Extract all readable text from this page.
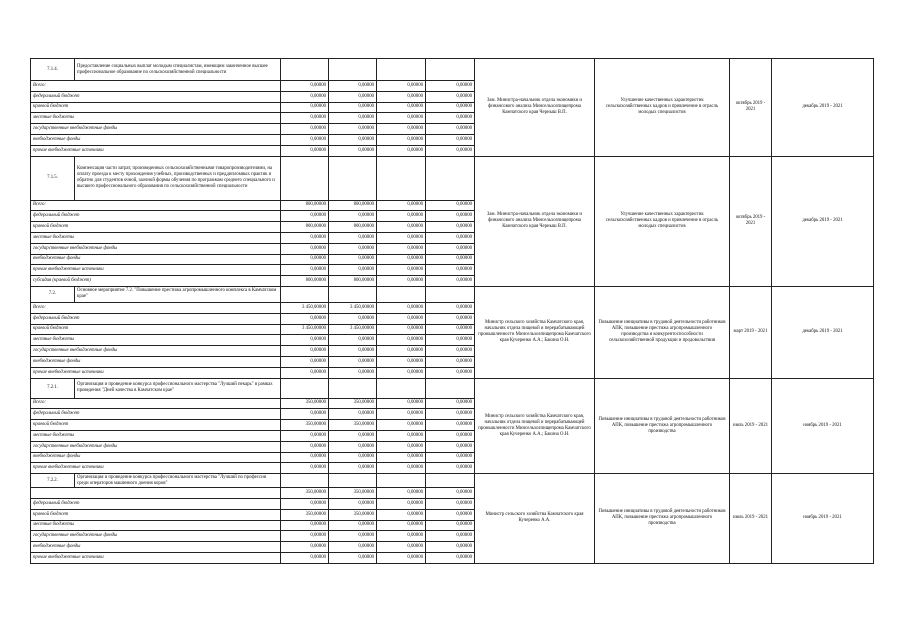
7.1.4.	Предоставление социальных выплат молодым специалистам, имеющим законченное высшее профессиональное образование по сельскохозяйственной специальности					Зам. Министра-начальник отдела экономики и финансового анализа Минсельхозпищепрома Камчатского края Черныш В.П.	Улучшение качественных характеристик сельскохозяйственных кадров и привлечение в отрасль молодых специалистов	октябрь 2019 - 2021	декабрь 2019 - 2021
Всего:		0,00000	0,00000	0,00000	0,00000				
федеральный бюджет		0,00000	0,00000	0,00000	0,00000				
краевой бюджет		0,00000	0,00000	0,00000	0,00000				
местные бюджеты		0,00000	0,00000	0,00000	0,00000				
государственные внебюджетные фонды		0,00000	0,00000	0,00000	0,00000				
внебюджетные фонды		0,00000	0,00000	0,00000	0,00000				
прочие внебюджетные источники		0,00000	0,00000	0,00000	0,00000				
7.1.5.	Компенсация части затрат, произведенных сельскохозяйственными товаропроизводителями, на оплату проезда к месту прохождения учебных, производственных и преддипломных практик и обратно для студентов очной, заочной формы обучения по программам среднего специального и высшего профессионального образования по сельскохозяйственной специальности					Зам. Министра-начальник отдела экономики и финансового анализа Минсельхозпищепрома Камчатского края Черныш В.П.	Улучшение качественных характеристик сельскохозяйственных кадров и привлечение в отрасль молодых специалистов	октябрь 2019 - 2021	декабрь 2019 - 2021
Всего:		800,00000	800,00000	0,00000	0,00000				
федеральный бюджет		0,00000	0,00000	0,00000	0,00000				
краевой бюджет		800,00000	800,00000	0,00000	0,00000				
местные бюджеты		0,00000	0,00000	0,00000	0,00000				
государственные внебюджетные фонды		0,00000	0,00000	0,00000	0,00000				
внебюджетные фонды		0,00000	0,00000	0,00000	0,00000				
прочие внебюджетные источники		0,00000	0,00000	0,00000	0,00000				
субсидия (краевой бюджет)		800,00000	800,00000	0,00000	0,00000				
7.2.	Основное мероприятие 7.2. "Повышение престижа агропромышленного комплекса в Камчатском крае"					Министр сельского хозяйства Камчатского края, начальник отдела пищевой и перерабатывающей промышленности Минсельхозпищепрома Камчатского края Кучеренко А.А.; Бакина О.Н.	Повышение инициативы в трудовой деятельности работников АПК, повышение престижа агропромышленного производства и конкурентоспособности сельскохозяйственной продукции и продовольствия	март 2019 - 2021	декабрь 2019 - 2021
Всего:		3 450,00000	3 450,00000	0,00000	0,00000				
федеральный бюджет		0,00000	0,00000	0,00000	0,00000				
краевой бюджет		3 450,00000	3 450,00000	0,00000	0,00000				
местные бюджеты		0,00000	0,00000	0,00000	0,00000				
государственные внебюджетные фонды		0,00000	0,00000	0,00000	0,00000				
внебюджетные фонды		0,00000	0,00000	0,00000	0,00000				
прочие внебюджетные источники		0,00000	0,00000	0,00000	0,00000				
7.2.1.	Организация и проведение конкурса профессионального мастерства "Лучший пекарь" в рамках проведения "Дней качества в Камчатском крае"					Министр сельского хозяйства Камчатского края, начальник отдела пищевой и перерабатывающей промышленности Минсельхозпищепрома Камчатского края Кучеренко А.А.; Бакина О.Н.	Повышение инициативы в трудовой деятельности работников АПК, повышение престижа агропромышленного производства	июль 2019 - 2021	ноябрь 2019 - 2021
Всего:		350,00000	350,00000	0,00000	0,00000				
федеральный бюджет		0,00000	0,00000	0,00000	0,00000				
краевой бюджет		350,00000	350,00000	0,00000	0,00000				
местные бюджеты		0,00000	0,00000	0,00000	0,00000				
государственные внебюджетные фонды		0,00000	0,00000	0,00000	0,00000				
внебюджетные фонды		0,00000	0,00000	0,00000	0,00000				
прочие внебюджетные источники		0,00000	0,00000	0,00000	0,00000				
7.2.2.	Организация и проведение конкурса профессионального мастерства "Лучший по профессии среди операторов машинного доения коров"					Министр сельского хозяйства Камчатского края Кучеренко А.А.	Повышение инициативы в трудовой деятельности работников АПК, повышение престижа агропромышленного производства	июль 2019 - 2021	ноябрь 2019 - 2021
		350,00000	350,00000	0,00000	0,00000				
федеральный бюджет		0,00000	0,00000	0,00000	0,00000				
краевой бюджет		350,00000	350,00000	0,00000	0,00000				
местные бюджеты		0,00000	0,00000	0,00000	0,00000				
государственные внебюджетные фонды		0,00000	0,00000	0,00000	0,00000				
внебюджетные фонды		0,00000	0,00000	0,00000	0,00000				
прочие внебюджетные источники		0,00000	0,00000	0,00000	0,00000				
